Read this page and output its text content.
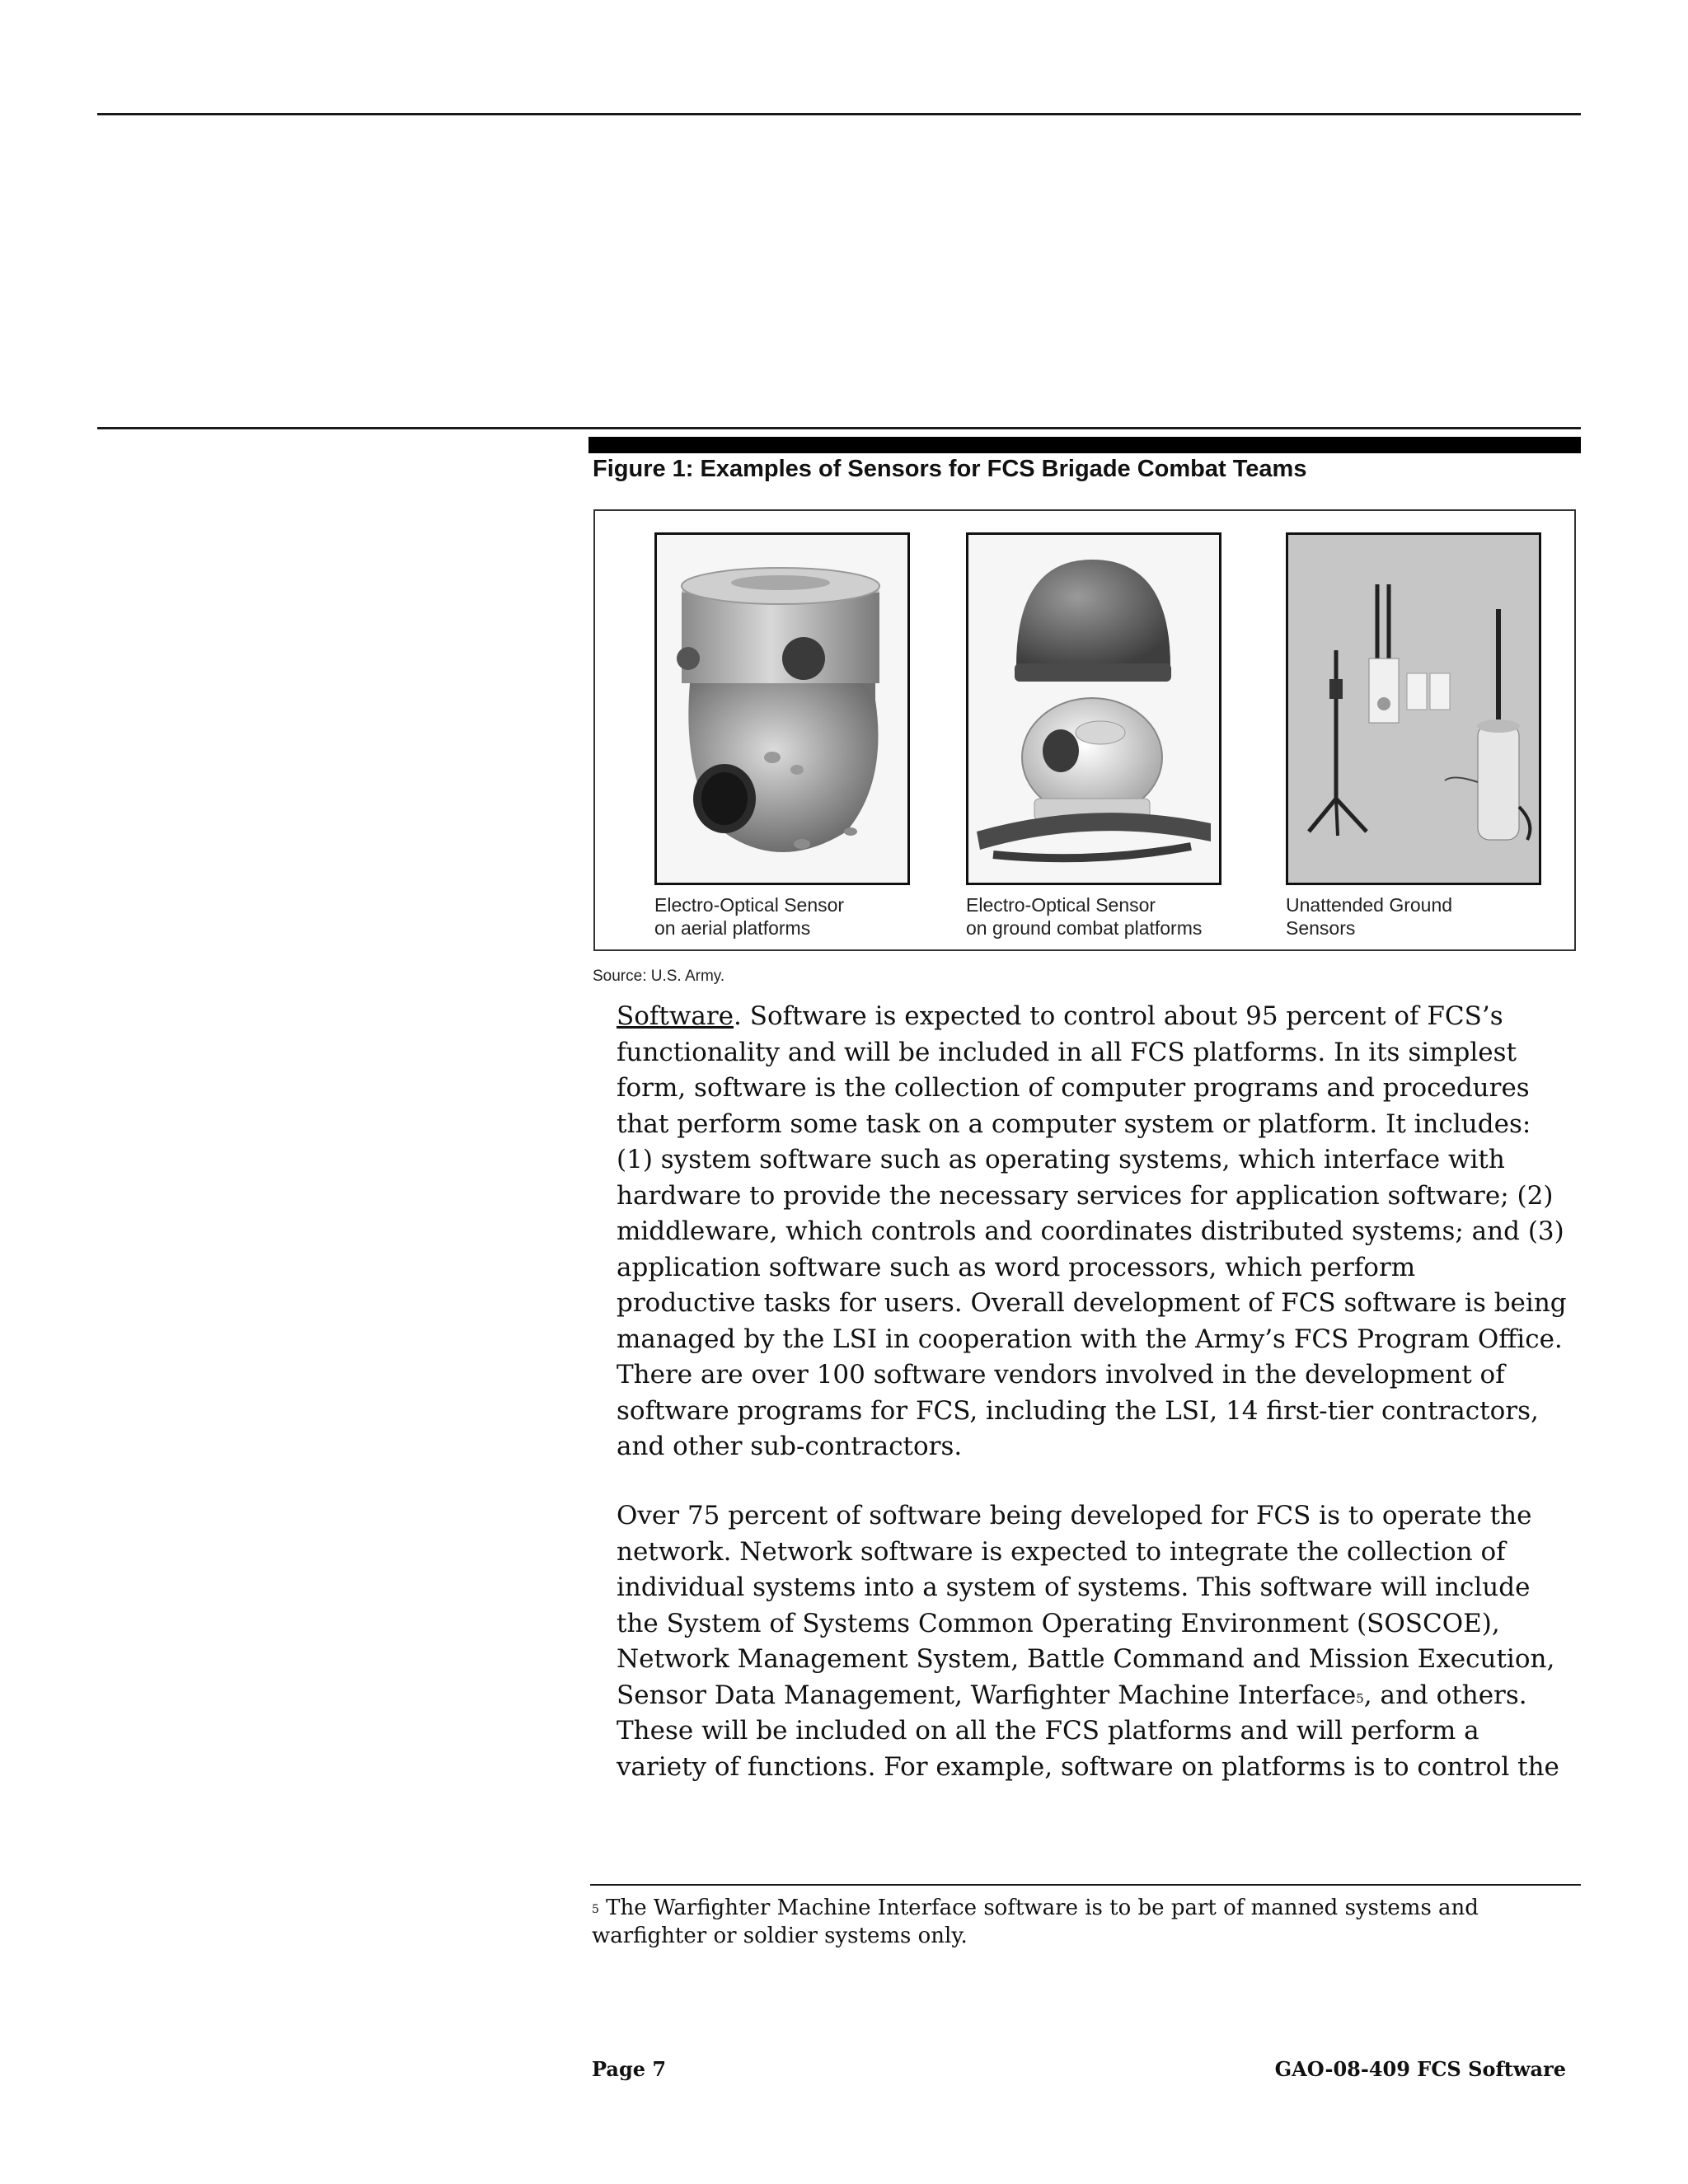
Figure 1: Examples of Sensors for FCS Brigade Combat Teams
Electro-Optical Sensor
on aerial platforms
Electro-Optical Sensor
on ground combat platforms
Unattended Ground
Sensors
Source: U.S. Army.
Software. Software is expected to control about 95 percent of FCS’s
functionality and will be included in all FCS platforms. In its simplest
form, software is the collection of computer programs and procedures
that perform some task on a computer system or platform. It includes:
(1) system software such as operating systems, which interface with
hardware to provide the necessary services for application software; (2)
middleware, which controls and coordinates distributed systems; and (3)
application software such as word processors, which perform
productive tasks for users. Overall development of FCS software is being
managed by the LSI in cooperation with the Army’s FCS Program Office.
There are over 100 software vendors involved in the development of
software programs for FCS, including the LSI, 14 first-tier contractors,
and other sub-contractors.
Over 75 percent of software being developed for FCS is to operate the
network. Network software is expected to integrate the collection of
individual systems into a system of systems. This software will include
the System of Systems Common Operating Environment (SOSCOE),
Network Management System, Battle Command and Mission Execution,
Sensor Data Management, Warfighter Machine Interface$^5$, and others.
These will be included on all the FCS platforms and will perform a
variety of functions. For example, software on platforms is to control the
$^5$ The Warfighter Machine Interface software is to be part of manned systems and
warfighter or soldier systems only.
Page 7	GAO-08-409 FCS Software
